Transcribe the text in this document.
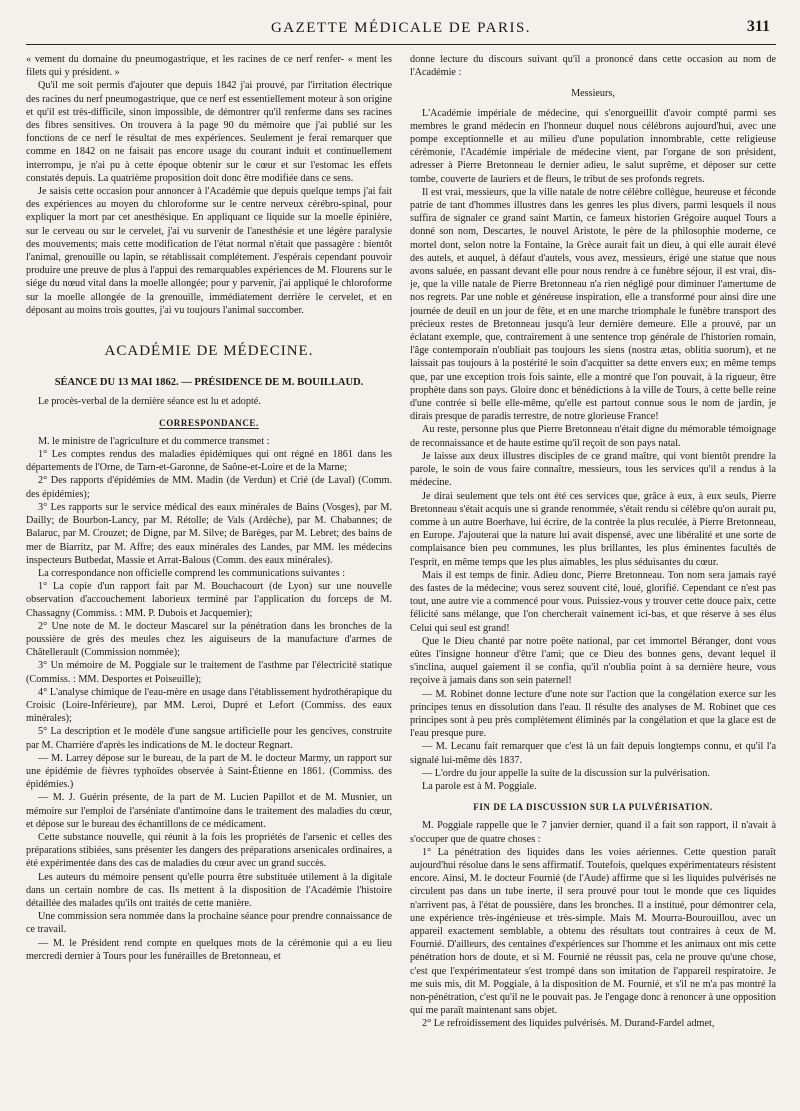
GAZETTE MÉDICALE DE PARIS.	311

« vement du domaine du pneumogastrique, et les racines de ce nerf renfer- « ment les filets qui y président. »

Qu'il me soit permis d'ajouter que depuis 1842 j'ai prouvé, par l'irritation électrique des racines du nerf pneumogastrique, que ce nerf est essentiellement moteur à son origine et qu'il est très-difficile, sinon impossible, de démontrer qu'il renferme dans ses racines des fibres sensitives. On trouvera à la page 90 du mémoire que j'ai publié sur les fonctions de ce nerf le résultat de mes expériences. Seulement je ferai remarquer que comme en 1842 on ne faisait pas encore usage du courant induit et continuellement interrompu, je n'ai pu à cette époque obtenir sur le cœur et sur l'estomac les effets constatés depuis. La quatrième proposition doit donc être modifiée dans ce sens.

Je saisis cette occasion pour annoncer à l'Académie que depuis quelque temps j'ai fait des expériences au moyen du chloroforme sur le centre nerveux cérébro-spinal, pour expliquer la mort par cet anesthésique. En appliquant ce liquide sur la moelle épinière, sur le cerveau ou sur le cervelet, j'ai vu survenir de l'anesthésie et une légère paralysie des mouvements; mais cette modification de l'état normal n'était que passagère : bientôt l'animal, grenouille ou lapin, se rétablissait complétement. J'espérais cependant pouvoir produire une preuve de plus à l'appui des remarquables expériences de M. Flourens sur le siége du nœud vital dans la moelle allongée; pour y parvenir, j'ai appliqué le chloroforme sur la moelle allongée de la grenouille, immédiatement derrière le cervelet, et en déposant au moins trois gouttes, j'ai vu toujours l'animal succomber.

ACADÉMIE DE MÉDECINE.
SÉANCE DU 13 MAI 1862. — PRÉSIDENCE DE M. BOUILLAUD.

Le procès-verbal de la dernière séance est lu et adopté.

CORRESPONDANCE.

M. le ministre de l'agriculture et du commerce transmet :

1° Les comptes rendus des maladies épidémiques qui ont régné en 1861 dans les départements de l'Orne, de Tarn-et-Garonne, de Saône-et-Loire et de la Marne;

2° Des rapports d'épidémies de MM. Madin (de Verdun) et Crié (de Laval) (Comm. des épidémies);

3° Les rapports sur le service médical des eaux minérales de Bains (Vosges), par M. Dailly; de Bourbon-Lancy, par M. Rétolle; de Vals (Ardèche), par M. Chabannes; de Balaruc, par M. Crouzet; de Digne, par M. Silve; de Barèges, par M. Lebret; des bains de mer de Biarritz, par M. Affre; des eaux minérales des Landes, par MM. les médecins inspecteurs Butbedat, Massie et Arrat-Balous (Comm. des eaux minérales).

La correspondance non officielle comprend les communications suivantes :

1° La copie d'un rapport fait par M. Bouchacourt (de Lyon) sur une nouvelle observation d'accouchement laborieux terminé par l'application du forceps de M. Chassagny (Commiss. : MM. P. Dubois et Jacquemier);

2° Une note de M. le docteur Mascarel sur la pénétration dans les bronches de la poussière de grès des meules chez les aiguiseurs de la manufacture d'armes de Châtellerault (Commission nommée);

3° Un mémoire de M. Poggiale sur le traitement de l'asthme par l'électricité statique (Commiss. : MM. Desportes et Poiseuille);

4° L'analyse chimique de l'eau-mère en usage dans l'établissement hydrothérapique du Croisic (Loire-Inférieure), par MM. Leroi, Dupré et Lefort (Commiss. des eaux minérales);

5° La description et le modèle d'une sangsue artificielle pour les gencives, construite par M. Charrière d'après les indications de M. le docteur Regnart.

— M. Larrey dépose sur le bureau, de la part de M. le docteur Marmy, un rapport sur une épidémie de fièvres typhoïdes observée à Saint-Étienne en 1861. (Commiss. des épidémies.)

— M. J. Guérin présente, de la part de M. Lucien Papillot et de M. Musnier, un mémoire sur l'emploi de l'arséniate d'antimoine dans le traitement des maladies du cœur, et dépose sur le bureau des échantillons de ce médicament.

Cette substance nouvelle, qui réunit à la fois les propriétés de l'arsenic et celles des préparations stibiées, sans présenter les dangers des préparations arsenicales ordinaires, a été expérimentée dans des cas de maladies du cœur avec un grand succès.

Les auteurs du mémoire pensent qu'elle pourra être substituée utilement à la digitale dans un certain nombre de cas. Ils mettent à la disposition de l'Académie l'histoire détaillée des malades qu'ils ont traités de cette manière.

Une commission sera nommée dans la prochaine séance pour prendre connaissance de ce travail.

— M. le Président rend compte en quelques mots de la cérémonie qui a eu lieu mercredi dernier à Tours pour les funérailles de Bretonneau, et

donne lecture du discours suivant qu'il a prononcé dans cette occasion au nom de l'Académie :

Messieurs,

L'Académie impériale de médecine, qui s'enorgueillit d'avoir compté parmi ses membres le grand médecin en l'honneur duquel nous célébrons aujourd'hui, avec une pompe exceptionnelle et au milieu d'une population innombrable, cette religieuse cérémonie, l'Académie impériale de médecine vient, par l'organe de son président, adresser à Pierre Bretonneau le dernier adieu, le salut suprême, et déposer sur cette tombe, couverte de lauriers et de fleurs, le tribut de ses profonds regrets.

Il est vrai, messieurs, que la ville natale de notre célèbre collègue, heureuse et féconde patrie de tant d'hommes illustres dans les genres les plus divers, parmi lesquels il nous suffira de signaler ce grand saint Martin, ce fameux historien Grégoire auquel Tours a donné son nom, Descartes, le nouvel Aristote, le père de la philosophie moderne, ce mortel dont, selon notre la Fontaine, la Grèce aurait fait un dieu, à qui elle aurait élevé des autels, et auquel, à défaut d'autels, vous avez, messieurs, érigé une statue que nous avons saluée, en passant devant elle pour nous rendre à ce funèbre séjour, il est vrai, dis-je, que la ville natale de Pierre Bretonneau n'a rien négligé pour diminuer l'amertume de nos regrets. Par une noble et généreuse inspiration, elle a transformé pour ainsi dire une journée de deuil en un jour de fête, et en une marche triomphale le funèbre transport des précieux restes de Bretonneau jusqu'à leur dernière demeure. Elle a prouvé, par un éclatant exemple, que, contrairement à une sentence trop générale de l'historien romain, l'âge contemporain n'oubliait pas toujours les siens (nostra ætas, oblitia suorum), et ne laissait pas toujours à la postérité le soin d'acquitter sa dette envers eux; en même temps que, par une exception trois fois sainte, elle a montré que l'on pouvait, à la rigueur, être prophète dans son pays. Gloire donc et bénédictions à la ville de Tours, à cette belle reine d'une contrée si belle elle-même, qu'elle est partout connue sous le nom de jardin, je dirais presque de paradis terrestre, de notre glorieuse France!

Au reste, personne plus que Pierre Bretonneau n'était digne du mémorable témoignage de reconnaissance et de haute estime qu'il reçoit de son pays natal.

Je laisse aux deux illustres disciples de ce grand maître, qui vont bientôt prendre la parole, le soin de vous faire connaître, messieurs, tous les services qu'il a rendus à la médecine.

Je dirai seulement que tels ont été ces services que, grâce à eux, à eux seuls, Pierre Bretonneau s'était acquis une si grande renommée, s'était rendu si célèbre qu'on aurait pu, comme à un autre Boerhave, lui écrire, de la contrée la plus reculée, à Pierre Bretonneau, en Europe. J'ajouterai que la nature lui avait dispensé, avec une libéralité et une sorte de complaisance bien peu communes, les plus brillantes, les plus éminentes facultés de l'esprit, en même temps que les plus aimables, les plus séduisantes du cœur.

Mais il est temps de finir. Adieu donc, Pierre Bretonneau. Ton nom sera jamais rayé des fastes de la médecine; vous serez souvent cité, loué, glorifié. Cependant ce n'est pas tout, une autre vie a commencé pour vous. Puissiez-vous y trouver cette douce paix, cette félicité sans mélange, que l'on chercherait vainement ici-bas, et que réserve à ses élus Celui qui seul est grand!

Que le Dieu chanté par notre poëte national, par cet immortel Béranger, dont vous eûtes l'insigne honneur d'être l'ami; que ce Dieu des bonnes gens, devant lequel il s'inclina, auquel gaiement il se confia, qu'il n'oublia point à sa dernière heure, vous reçoive à jamais dans son sein paternel!

— M. Robinet donne lecture d'une note sur l'action que la congélation exerce sur les principes tenus en dissolution dans l'eau. Il résulte des analyses de M. Robinet que ces principes sont à peu près complètement éliminés par la congélation et que la glace est de l'eau presque pure.

— M. Lecanu fait remarquer que c'est là un fait depuis longtemps connu, et qu'il l'a signalé lui-même dès 1837.

— L'ordre du jour appelle la suite de la discussion sur la pulvérisation.

La parole est à M. Poggiale.

FIN DE LA DISCUSSION SUR LA PULVÉRISATION.

M. Poggiale rappelle que le 7 janvier dernier, quand il a fait son rapport, il n'avait à s'occuper que de quatre choses :

1° La pénétration des liquides dans les voies aériennes. Cette question paraît aujourd'hui résolue dans le sens affirmatif. Toutefois, quelques expérimentateurs résistent encore. Ainsi, M. le docteur Fournié (de l'Aude) affirme que si les liquides pulvérisés ne circulent pas dans un tube inerte, il sera prouvé pour tout le monde que ces liquides n'arrivent pas, à l'état de poussière, dans les bronches. Il a institué, pour démontrer cela, une expérience très-ingénieuse et très-simple. Mais M. Mourra-Bourouillou, avec un appareil exactement semblable, a obtenu des résultats tout contraires à ceux de M. Fournié. D'ailleurs, des centaines d'expériences sur l'homme et les animaux ont mis cette pénétration hors de doute, et si M. Fournié ne réussit pas, cela ne prouve qu'une chose, c'est que l'expérimentateur s'est trompé dans son imitation de l'appareil respiratoire. Je me suis mis, dit M. Poggiale, à la disposition de M. Fournié, et s'il ne m'a pas montré la non-pénétration, c'est qu'il ne le pouvait pas. Je l'engage donc à renoncer à une opposition qui me paraît maintenant sans objet.

2° Le refroidissement des liquides pulvérisés. M. Durand-Fardel admet,
